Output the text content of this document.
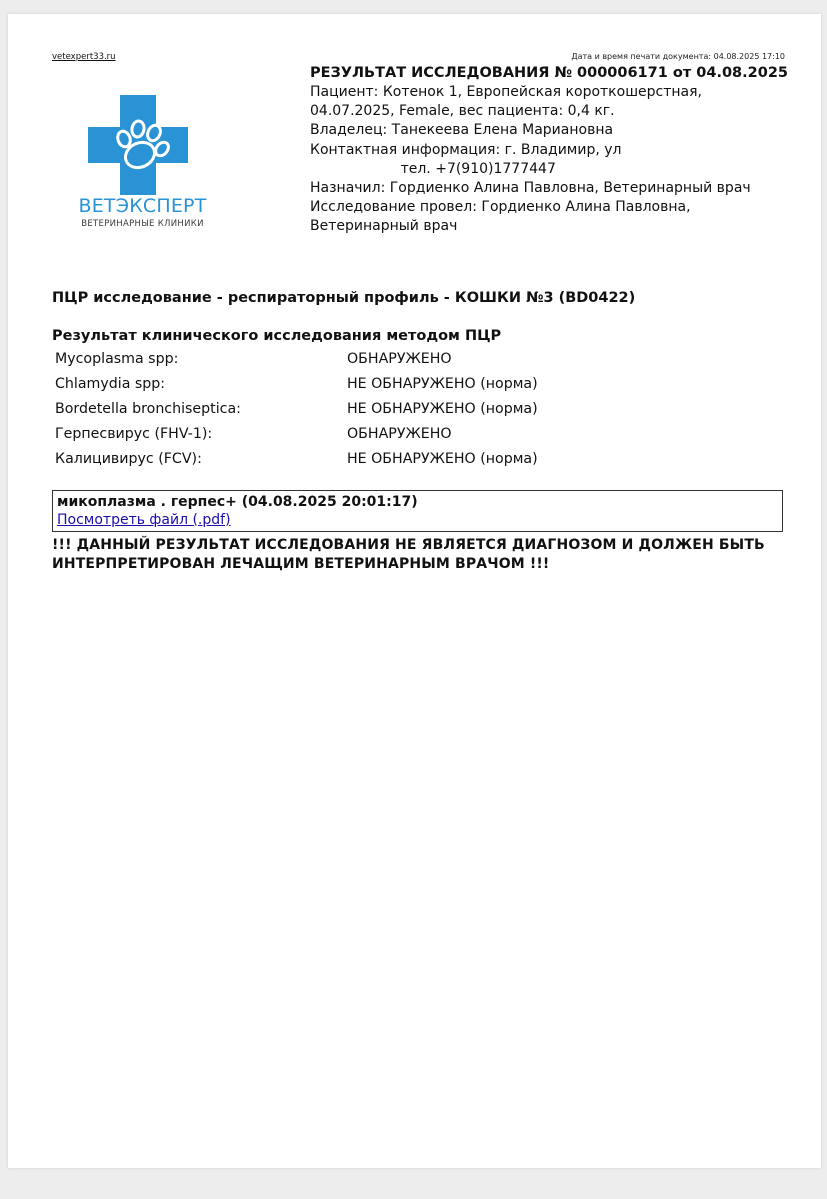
vetexpert33.ru	Дата и время печати документа: 04.08.2025 17:10
ВЕТЭКСПЕРТ
ВЕТЕРИНАРНЫЕ КЛИНИКИ
РЕЗУЛЬТАТ ИССЛЕДОВАНИЯ № 000006171 от 04.08.2025
Пациент: Котенок 1, Европейская короткошерстная, 04.07.2025, Female, вес пациента: 0,4 кг.
Владелец: Танекеева Елена Мариановна
Контактная информация: г. Владимир, ул
тел. +7(910)1777447
Назначил: Гордиенко Алина Павловна, Ветеринарный врач
Исследование провел: Гордиенко Алина Павловна, Ветеринарный врач
ПЦР исследование - респираторный профиль - КОШКИ №3 (BD0422)
Результат клинического исследования методом ПЦР
Mycoplasma spp:	ОБНАРУЖЕНО
Chlamydia spp:	НЕ ОБНАРУЖЕНО (норма)
Bordetella bronchiseptica:	НЕ ОБНАРУЖЕНО (норма)
Герпесвирус (FHV-1):	ОБНАРУЖЕНО
Калицивирус (FCV):	НЕ ОБНАРУЖЕНО (норма)
микоплазма . герпес+ (04.08.2025 20:01:17)
Посмотреть файл (.pdf)
!!! ДАННЫЙ РЕЗУЛЬТАТ ИССЛЕДОВАНИЯ НЕ ЯВЛЯЕТСЯ ДИАГНОЗОМ И ДОЛЖЕН БЫТЬ ИНТЕРПРЕТИРОВАН ЛЕЧАЩИМ ВЕТЕРИНАРНЫМ ВРАЧОМ !!!
